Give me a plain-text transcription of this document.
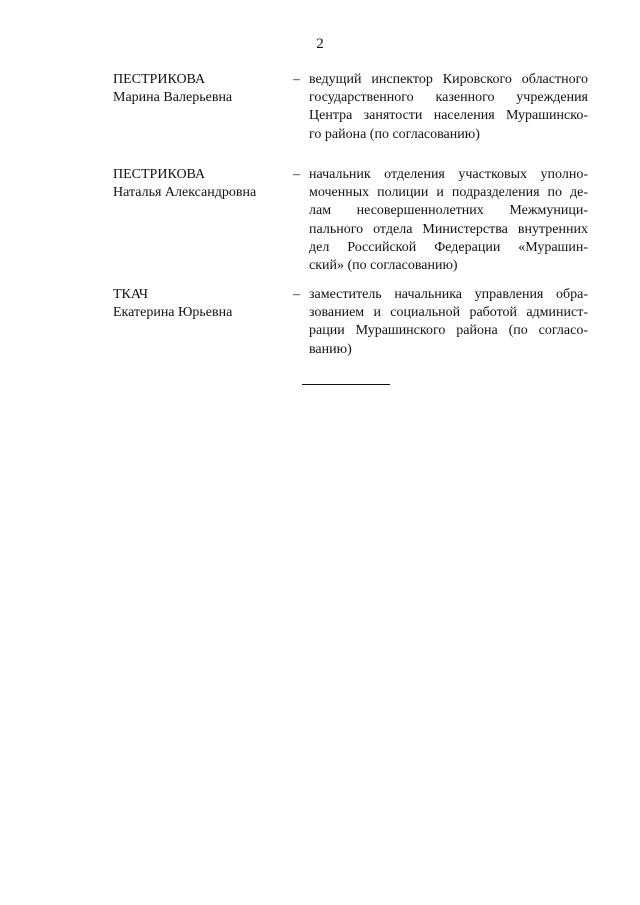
2
ПЕСТРИКОВА
Марина Валерьевна
– ведущий инспектор Кировского областного
государственного казенного учреждения
Центра занятости населения Мурашинско-
го района (по согласованию)
ПЕСТРИКОВА
Наталья Александровна
– начальник отделения участковых уполно-
моченных полиции и подразделения по де-
лам несовершеннолетних Межмуници-
пального отдела Министерства внутренних
дел Российской Федерации «Мурашин-
ский» (по согласованию)
ТКАЧ
Екатерина Юрьевна
– заместитель начальника управления обра-
зованием и социальной работой админист-
рации Мурашинского района (по согласо-
ванию)
